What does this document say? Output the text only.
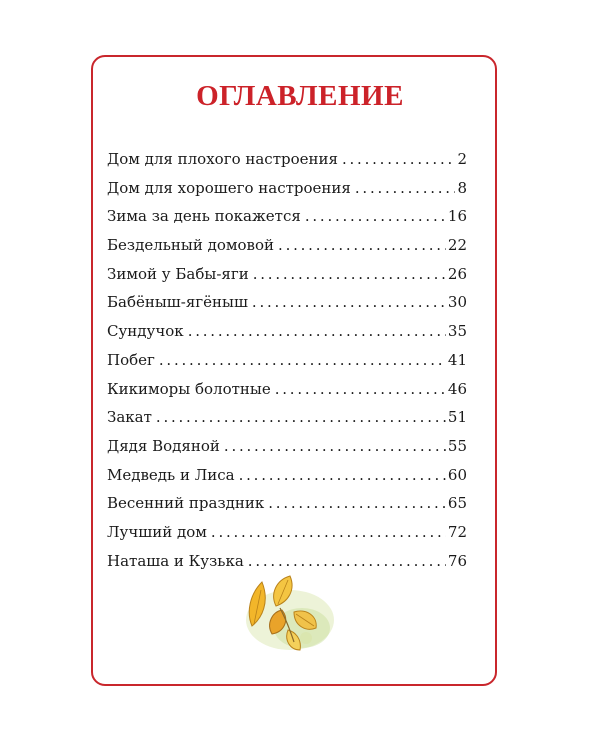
ОГЛАВЛЕНИЕ
Дом для плохого настроения . . .	2
Дом для хорошего настроения . . .	8
Зима за день покажется . . .	16
Бездельный домовой . . .	22
Зимой у Бабы-яги . . .	26
Бабёныш-ягёныш . . .	30
Сундучок . . .	35
Побег . . .	41
Кикиморы болотные . . .	46
Закат . . .	51
Дядя Водяной . . .	55
Медведь и Лиса . . .	60
Весенний праздник . . .	65
Лучший дом . . .	72
Наташа и Кузька . . .	76
